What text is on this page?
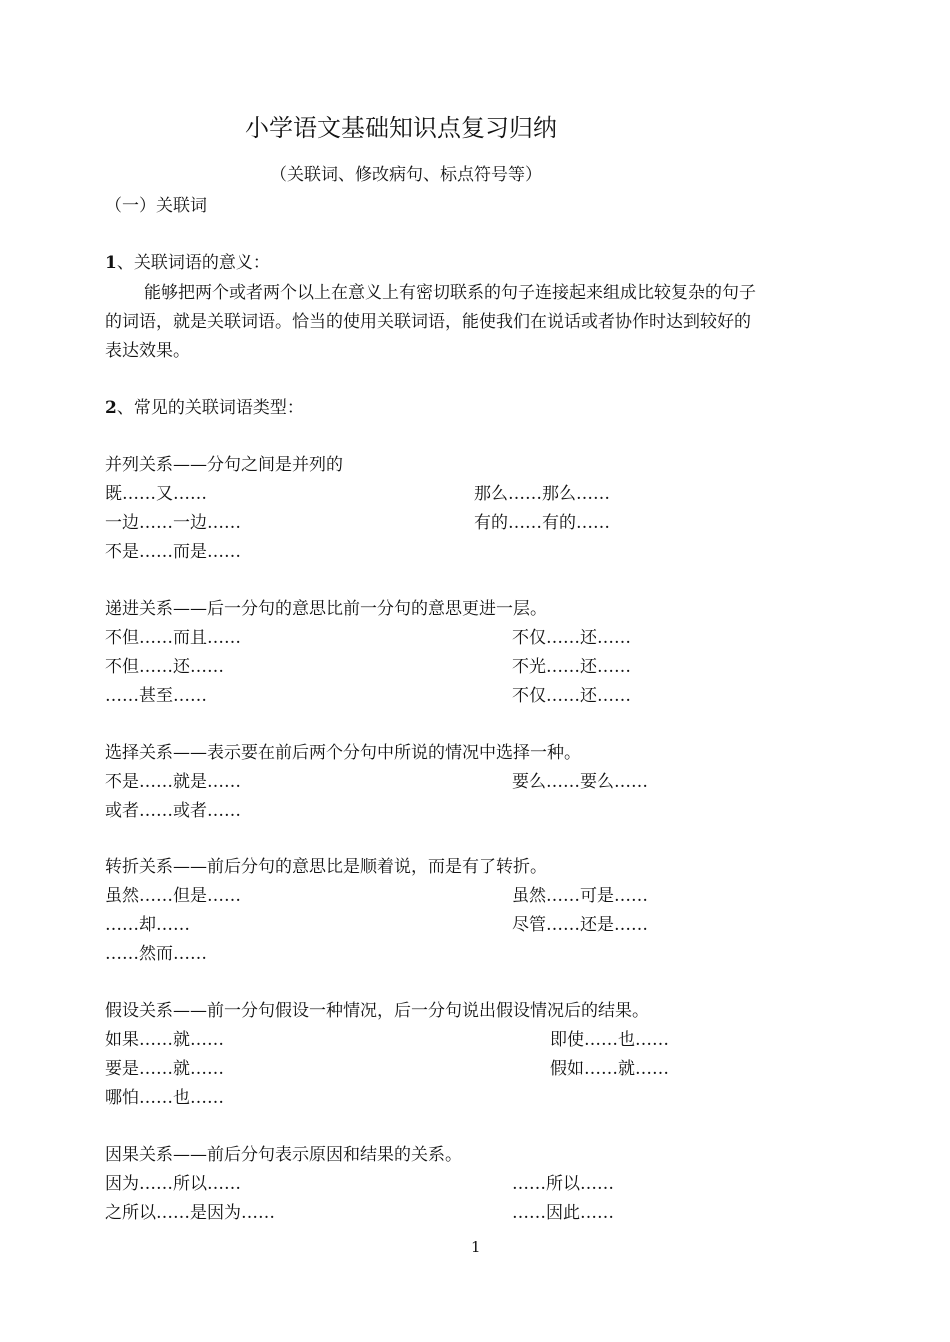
小学语文基础知识点复习归纳
（关联词、修改病句、标点符号等）
（一）关联词
1、关联词语的意义：
能够把两个或者两个以上在意义上有密切联系的句子连接起来组成比较复杂的句子
的词语，就是关联词语。恰当的使用关联词语，能使我们在说话或者协作时达到较好的
表达效果。
2、常见的关联词语类型：
并列关系——分句之间是并列的
既……又……	那么……那么……
一边……一边……	有的……有的……
不是……而是……
递进关系——后一分句的意思比前一分句的意思更进一层。
不但……而且……	不仅……还……
不但……还……	不光……还……
……甚至……	不仅……还……
选择关系——表示要在前后两个分句中所说的情况中选择一种。
不是……就是……	要么……要么……
或者……或者……
转折关系——前后分句的意思比是顺着说，而是有了转折。
虽然……但是……	虽然……可是……
……却……	尽管……还是……
……然而……
假设关系——前一分句假设一种情况，后一分句说出假设情况后的结果。
如果……就……	即使……也……
要是……就……	假如……就……
哪怕……也……
因果关系——前后分句表示原因和结果的关系。
因为……所以……	……所以……
之所以……是因为……	……因此……
1
